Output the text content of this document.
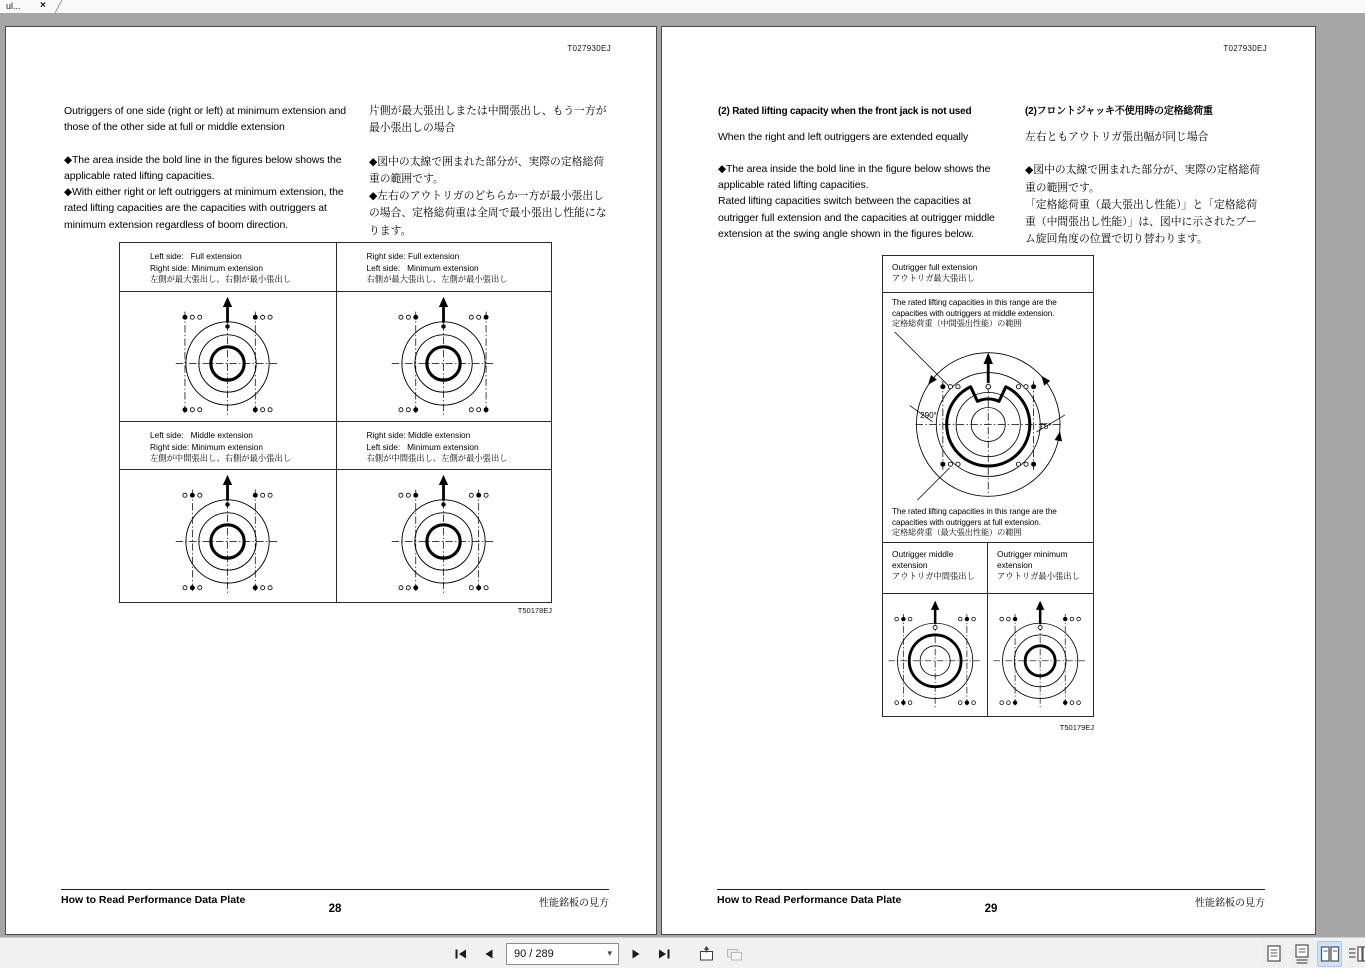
ul... ×
T027930EJ

Outriggers of one side (right or left) at minimum extension and those of the other side at full or middle extension

◆The area inside the bold line in the figures below shows the applicable rated lifting capacities.

◆With either right or left outriggers at minimum extension, the rated lifting capacities are the capacities with outriggers at minimum extension regardless of boom direction.

片側が最大張出しまたは中間張出し、もう一方が最小張出しの場合

◆図中の太線で囲まれた部分が、実際の定格総荷重の範囲です。

◆左右のアウトリガのどちらか一方が最小張出しの場合、定格総荷重は全周で最小張出し性能になります。

Left side:   Full extension
Right side: Minimum extension
左側が最大張出し、右側が最小張出し
Right side: Full extension
Left side:   Minimum extension
右側が最大張出し、左側が最小張出し
Left side:   Middle extension
Right side: Minimum extension
左側が中間張出し、右側が最小張出し
Right side: Middle extension
Left side:   Minimum extension
右側が中間張出し、左側が最小張出し
T50178EJ
How to Read Performance Data Plate	性能銘板の見方
28
T027930EJ

(2) Rated lifting capacity when the front jack is not used

When the right and left outriggers are extended equally

◆The area inside the bold line in the figure below shows the applicable rated lifting capacities.

Rated lifting capacities switch between the capacities at outrigger full extension and the capacities at outrigger middle extension at the swing angle shown in the figures below.

(2)フロントジャッキ不使用時の定格総荷重

左右ともアウトリガ張出幅が同じ場合

◆図中の太線で囲まれた部分が、実際の定格総荷重の範囲です。

「定格総荷重（最大張出し性能）」と「定格総荷重（中間張出し性能）」は、図中に示されたブーム旋回角度の位置で切り替わります。

Outrigger full extension
アウトリガ最大張出し
The rated lifting capacities in this range are the capacities with outriggers at middle extension.
定格総荷重（中間張出性能）の範囲
290°
75°
The rated lifting capacities in this range are the capacities with outriggers at full extension.
定格総荷重（最大張出性能）の範囲
Outrigger middle extension
アウトリガ中間張出し
Outrigger minimum extension
アウトリガ最小張出し
T50179EJ
How to Read Performance Data Plate	性能銘板の見方
29
90 / 289	▾
